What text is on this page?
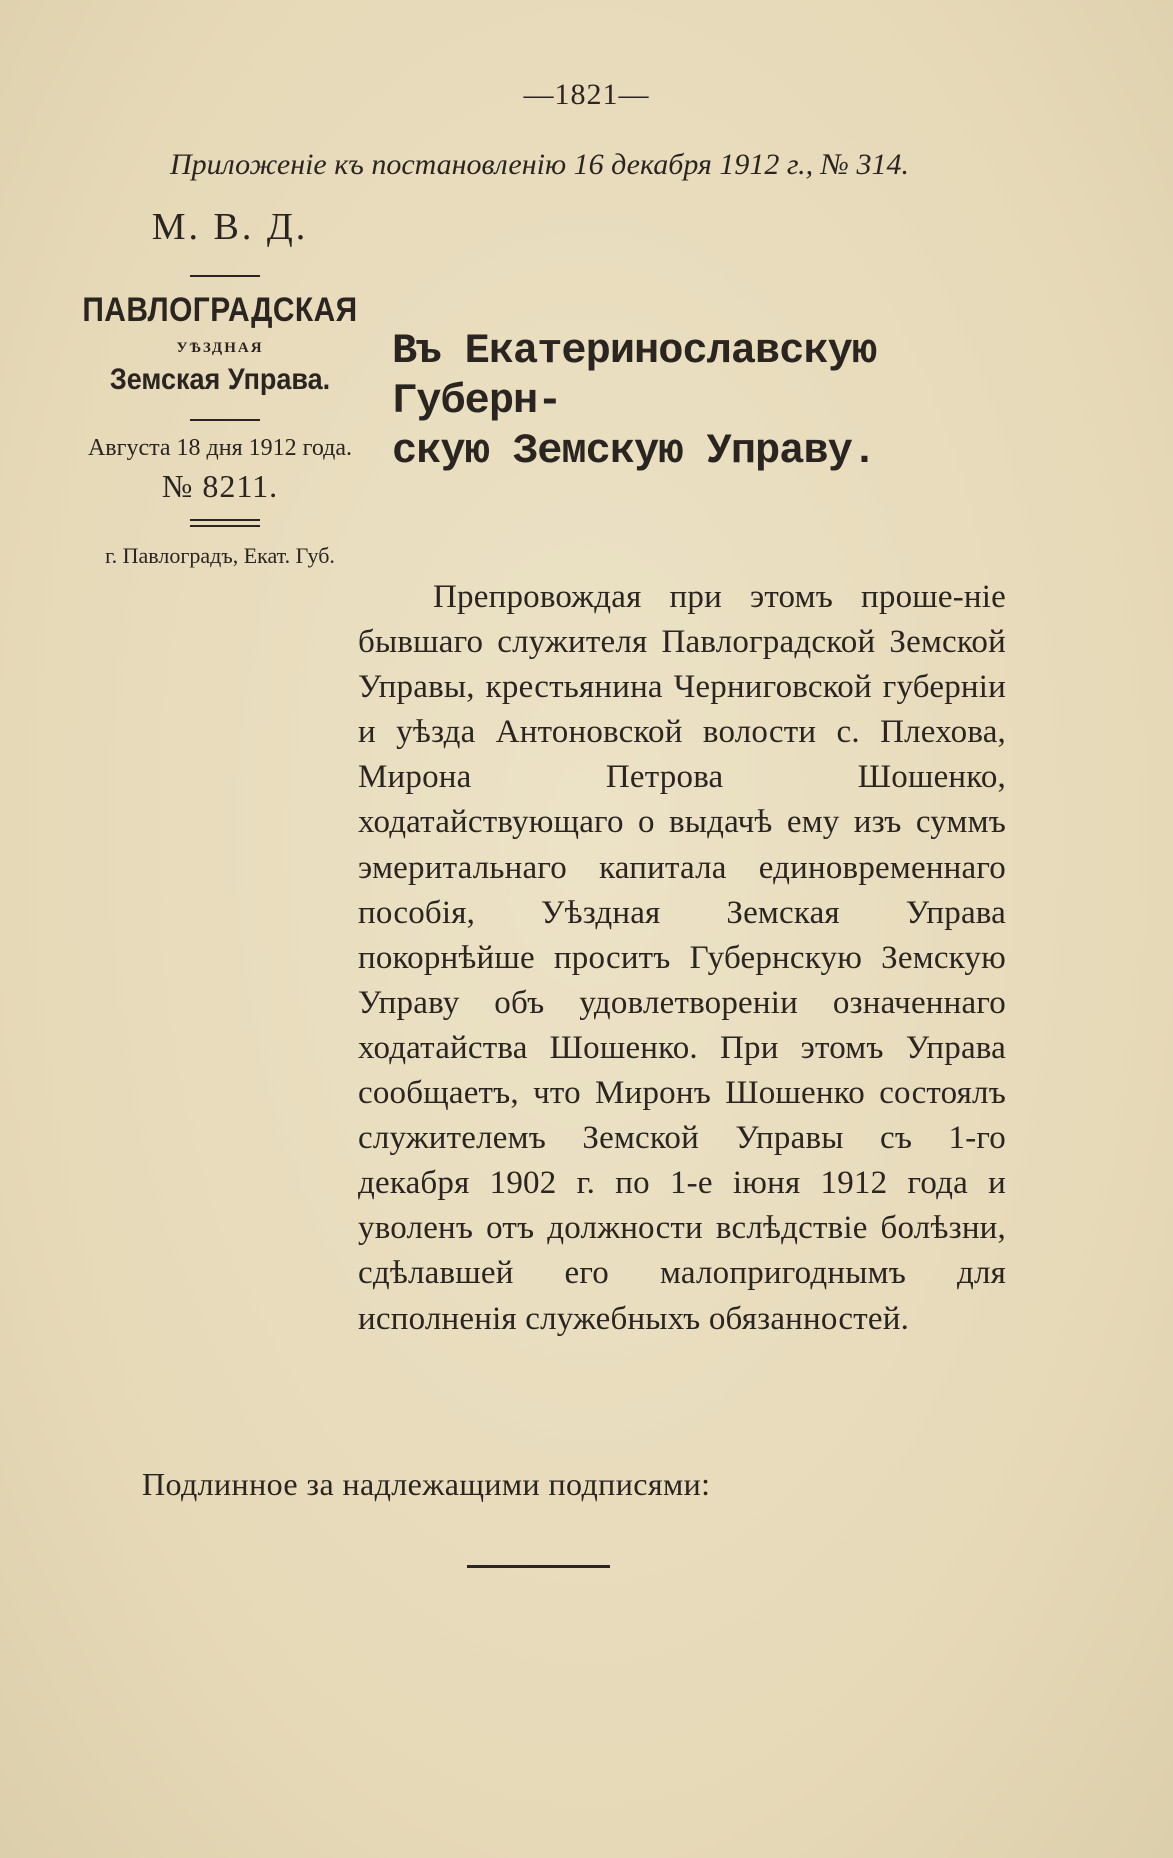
—1821—
Приложенiе къ постановленiю 16 декабря 1912 г., № 314.
М. В. Д.
ПАВЛОГРАДСКАЯ
УѢЗДНАЯ
Земская Управа.
Августа 18 дня 1912 года.
№ 8211.
г. Павлоградъ, Екат. Губ.
Въ Екатеринославскую Губерн-
скую Земскую Управу.
Препровождая при этомъ проше-нiе бывшаго служителя Павлоградской Земской Управы, крестьянина Черниговской губернiи и уѣзда Антоновской волости с. Плехова, Мирона Петрова Шошенко, ходатайствующаго о выдачѣ ему изъ суммъ эмеритальнаго капитала единовременнаго пособiя, Уѣздная Земская Управа покорнѣйше проситъ Губернскую Земскую Управу объ удовлетворенiи означеннаго ходатайства Шошенко. При этомъ Управа сообщаетъ, что Миронъ Шошенко состоялъ служителемъ Земской Управы съ 1-го декабря 1902 г. по 1-е iюня 1912 года и уволенъ отъ должности вслѣдствiе болѣзни, сдѣлавшей его малопригоднымъ для исполненiя служебныхъ обязанностей.
Подлинное за надлежащими подписями:
